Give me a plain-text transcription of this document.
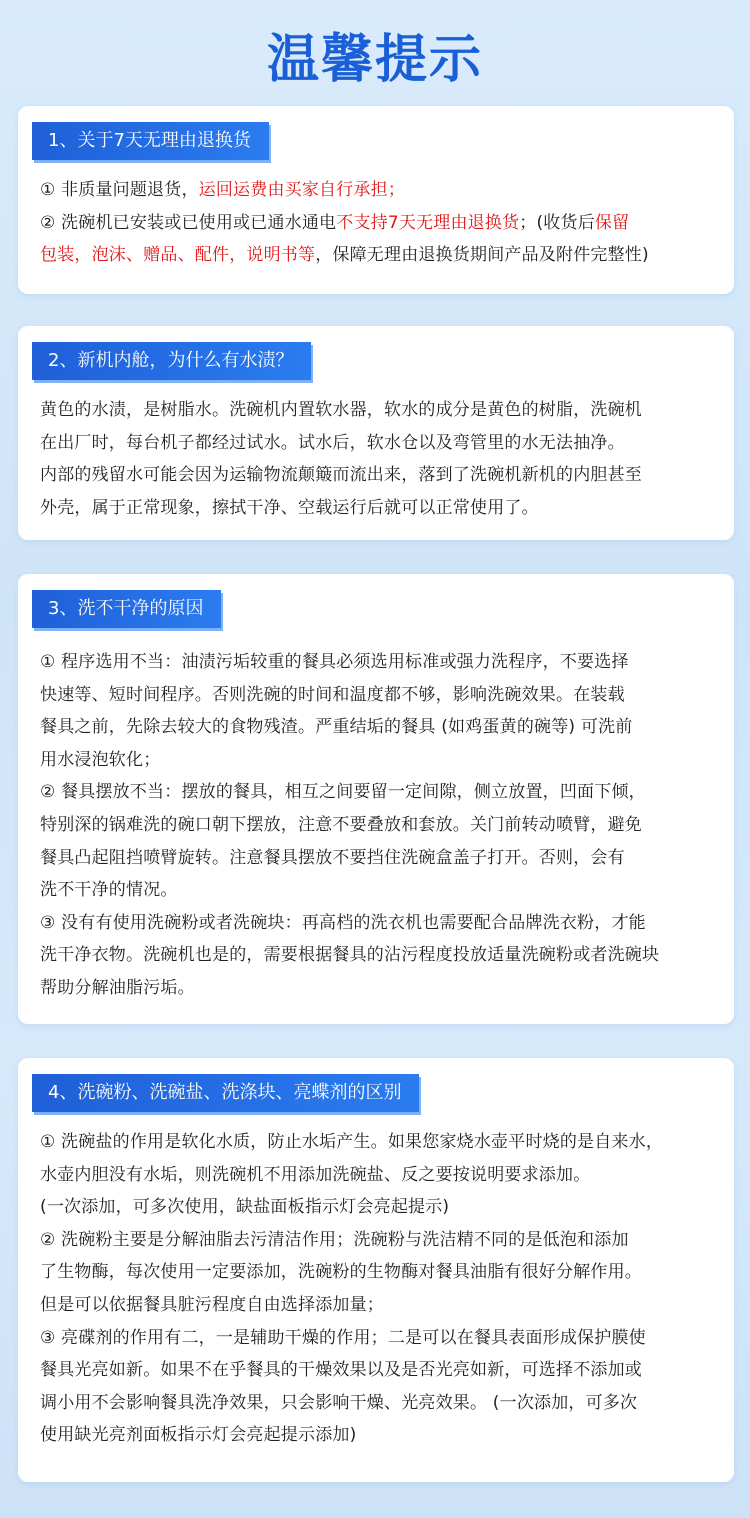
温馨提示
1、关于7天无理由退换货
① 非质量问题退货，运回运费由买家自行承担；
② 洗碗机已安装或已使用或已通水通电不支持7天无理由退换货；(收货后保留
包装，泡沫、赠品、配件，说明书等，保障无理由退换货期间产品及附件完整性)
2、新机内舱，为什么有水渍？
黄色的水渍，是树脂水。洗碗机内置软水器，软水的成分是黄色的树脂，洗碗机
在出厂时，每台机子都经过试水。试水后，软水仓以及弯管里的水无法抽净。
内部的残留水可能会因为运输物流颠簸而流出来，落到了洗碗机新机的内胆甚至
外壳，属于正常现象，擦拭干净、空载运行后就可以正常使用了。
3、洗不干净的原因
① 程序选用不当：油渍污垢较重的餐具必须选用标准或强力洗程序，不要选择
快速等、短时间程序。否则洗碗的时间和温度都不够，影响洗碗效果。在装载
餐具之前，先除去较大的食物残渣。严重结垢的餐具 (如鸡蛋黄的碗等) 可洗前
用水浸泡软化；
② 餐具摆放不当：摆放的餐具，相互之间要留一定间隙，侧立放置，凹面下倾，
特别深的锅难洗的碗口朝下摆放，注意不要叠放和套放。关门前转动喷臂，避免
餐具凸起阻挡喷臂旋转。注意餐具摆放不要挡住洗碗盒盖子打开。否则，会有
洗不干净的情况。
③ 没有有使用洗碗粉或者洗碗块：再高档的洗衣机也需要配合品牌洗衣粉，才能
洗干净衣物。洗碗机也是的，需要根据餐具的沾污程度投放适量洗碗粉或者洗碗块
帮助分解油脂污垢。
4、洗碗粉、洗碗盐、洗涤块、亮蝶剂的区别
① 洗碗盐的作用是软化水质，防止水垢产生。如果您家烧水壶平时烧的是自来水，
水壶内胆没有水垢，则洗碗机不用添加洗碗盐、反之要按说明要求添加。
(一次添加，可多次使用，缺盐面板指示灯会亮起提示)
② 洗碗粉主要是分解油脂去污清洁作用；洗碗粉与洗洁精不同的是低泡和添加
了生物酶，每次使用一定要添加，洗碗粉的生物酶对餐具油脂有很好分解作用。
但是可以依据餐具脏污程度自由选择添加量；
③ 亮碟剂的作用有二，一是辅助干燥的作用；二是可以在餐具表面形成保护膜使
餐具光亮如新。如果不在乎餐具的干燥效果以及是否光亮如新，可选择不添加或
调小用不会影响餐具洗净效果，只会影响干燥、光亮效果。 (一次添加，可多次
使用缺光亮剂面板指示灯会亮起提示添加)
